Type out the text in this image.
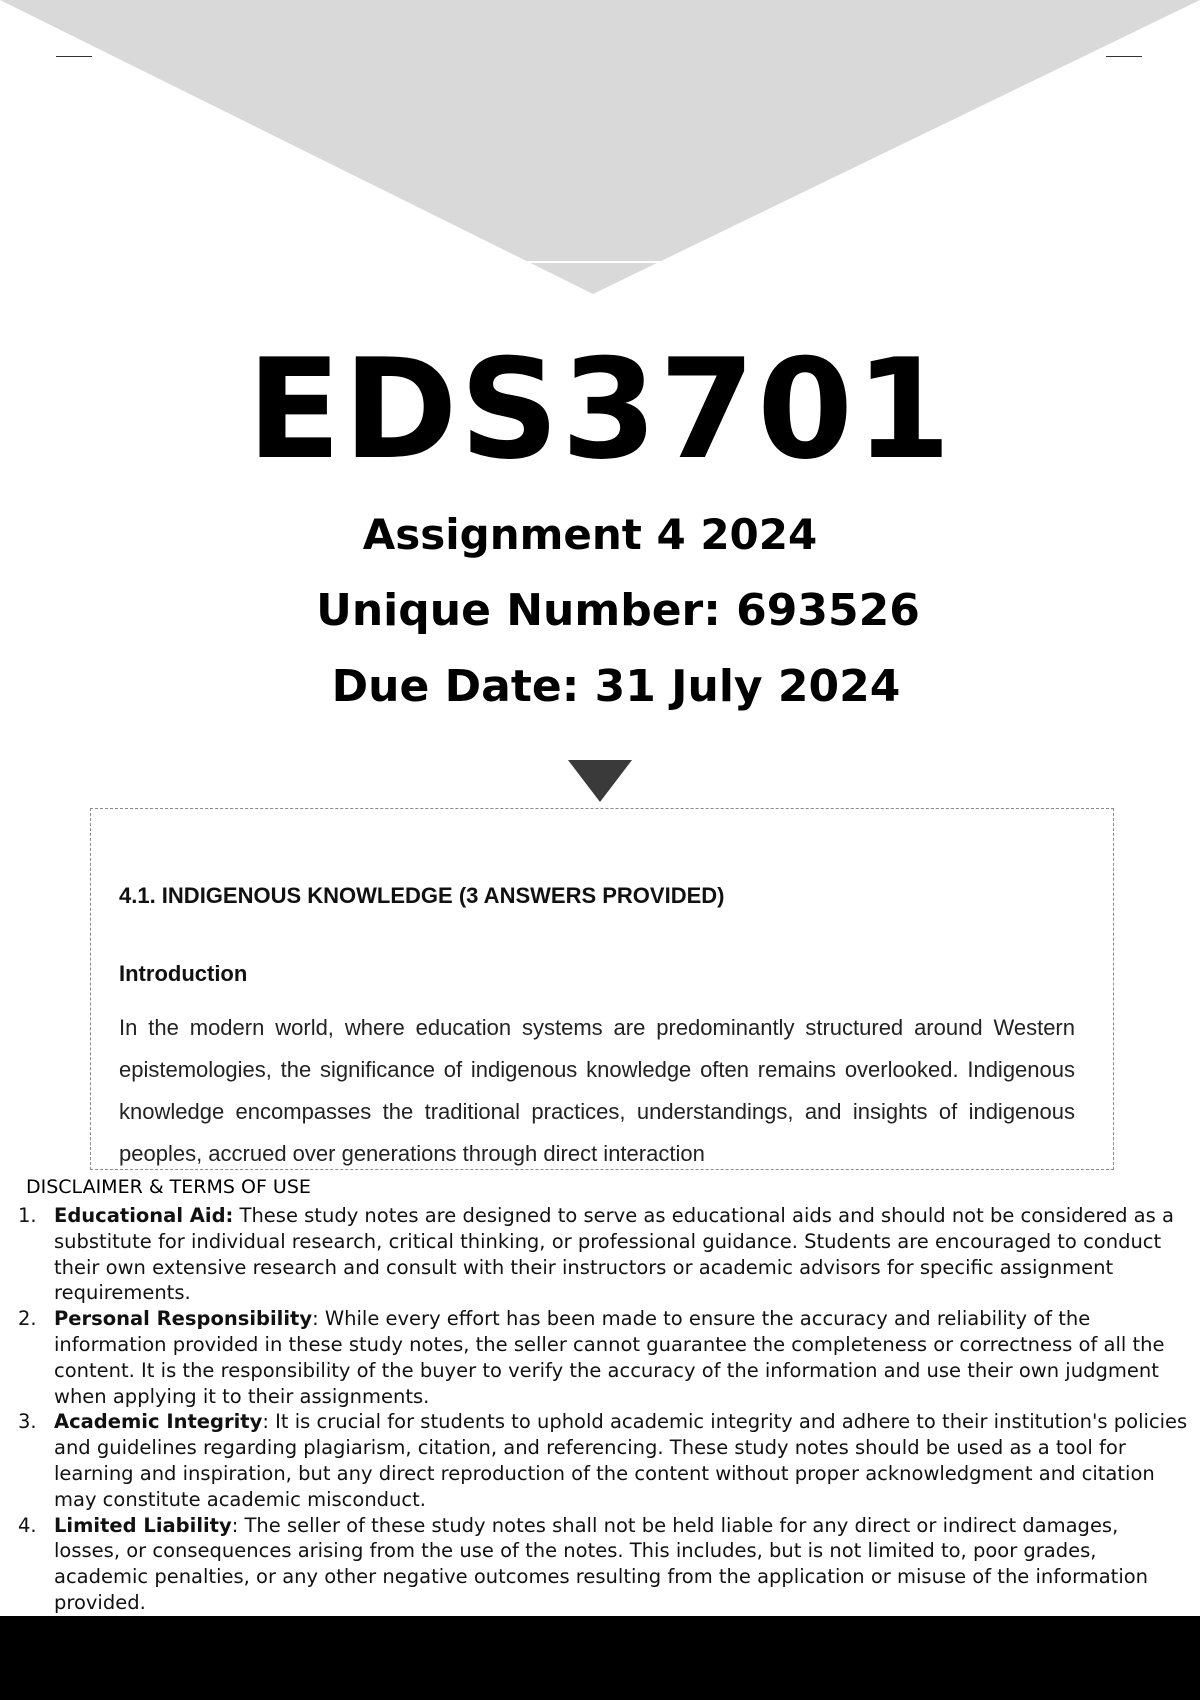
EDS3701
Assignment 4 2024
Unique Number: 693526
Due Date: 31 July 2024
4.1. INDIGENOUS KNOWLEDGE (3 ANSWERS PROVIDED)
Introduction
In the modern world, where education systems are predominantly structured around Western epistemologies, the significance of indigenous knowledge often remains overlooked. Indigenous knowledge encompasses the traditional practices, understandings, and insights of indigenous peoples, accrued over generations through direct interaction
DISCLAIMER & TERMS OF USE

1. Educational Aid: These study notes are designed to serve as educational aids and should not be considered as a substitute for individual research, critical thinking, or professional guidance. Students are encouraged to conduct their own extensive research and consult with their instructors or academic advisors for specific assignment requirements.

2. Personal Responsibility: While every effort has been made to ensure the accuracy and reliability of the information provided in these study notes, the seller cannot guarantee the completeness or correctness of all the content. It is the responsibility of the buyer to verify the accuracy of the information and use their own judgment when applying it to their assignments.

3. Academic Integrity: It is crucial for students to uphold academic integrity and adhere to their institution's policies and guidelines regarding plagiarism, citation, and referencing. These study notes should be used as a tool for learning and inspiration, but any direct reproduction of the content without proper acknowledgment and citation may constitute academic misconduct.

4. Limited Liability: The seller of these study notes shall not be held liable for any direct or indirect damages, losses, or consequences arising from the use of the notes. This includes, but is not limited to, poor grades, academic penalties, or any other negative outcomes resulting from the application or misuse of the information provided.
